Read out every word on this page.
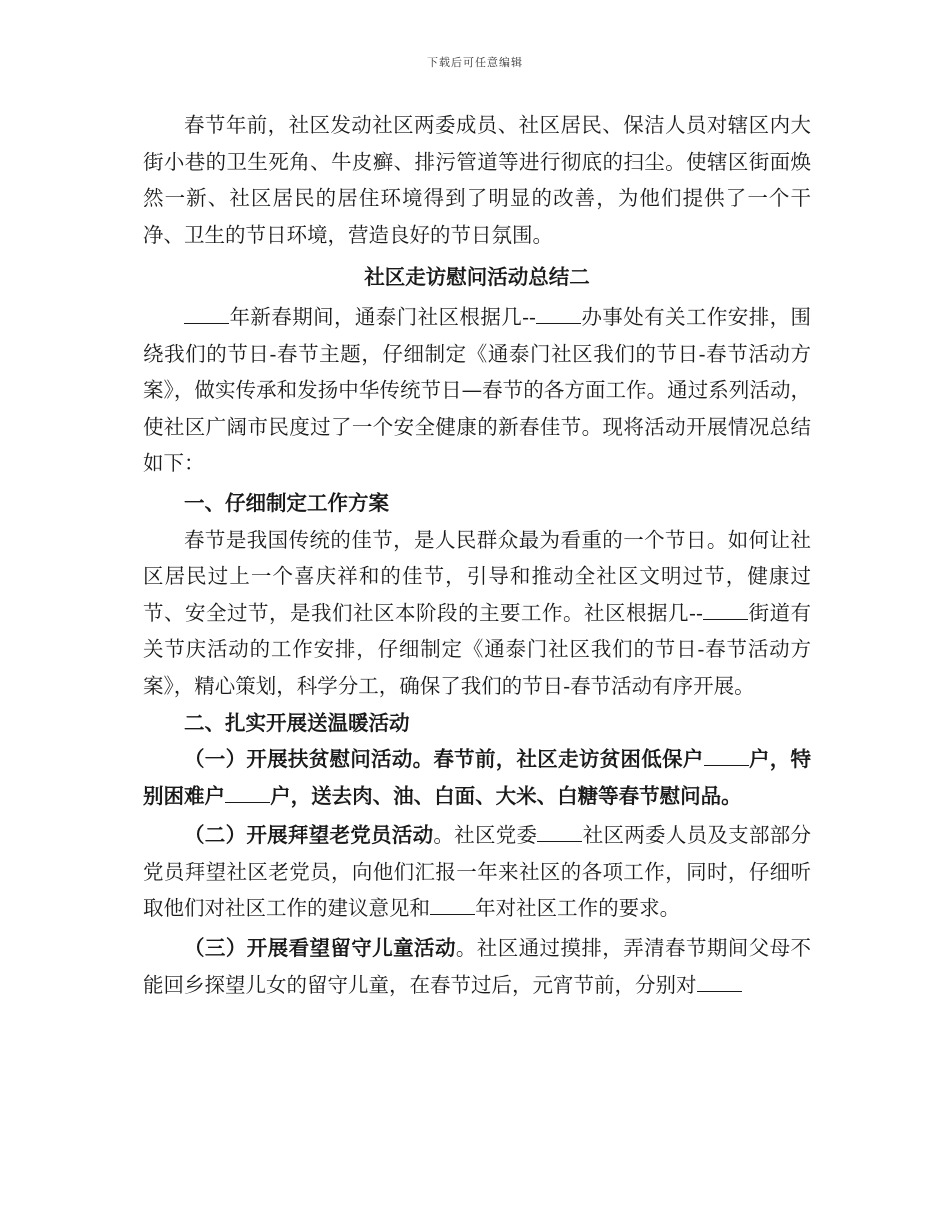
下载后可任意编辑

春节年前，社区发动社区两委成员、社区居民、保洁人员对辖区内大街小巷的卫生死角、牛皮癣、排污管道等进行彻底的扫尘。使辖区街面焕然一新、社区居民的居住环境得到了明显的改善，为他们提供了一个干净、卫生的节日环境，营造良好的节日氛围。

社区走访慰问活动总结二

年新春期间，通泰门社区根据几-- 办事处有关工作安排，围绕我们的节日-春节主题，仔细制定《通泰门社区我们的节日-春节活动方案》，做实传承和发扬中华传统节日—春节的各方面工作。通过系列活动，使社区广阔市民度过了一个安全健康的新春佳节。现将活动开展情况总结如下：

一、仔细制定工作方案

春节是我国传统的佳节，是人民群众最为看重的一个节日。如何让社区居民过上一个喜庆祥和的佳节，引导和推动全社区文明过节，健康过节、安全过节，是我们社区本阶段的主要工作。社区根据几-- 街道有关节庆活动的工作安排，仔细制定《通泰门社区我们的节日-春节活动方案》，精心策划，科学分工，确保了我们的节日-春节活动有序开展。

二、扎实开展送温暖活动

（一）开展扶贫慰问活动。春节前，社区走访贫困低保户 户，特别困难户 户，送去肉、油、白面、大米、白糖等春节慰问品。

（二）开展拜望老党员活动。社区党委 社区两委人员及支部部分党员拜望社区老党员，向他们汇报一年来社区的各项工作，同时，仔细听取他们对社区工作的建议意见和 年对社区工作的要求。

（三）开展看望留守儿童活动。社区通过摸排，弄清春节期间父母不能回乡探望儿女的留守儿童，在春节过后，元宵节前，分别对
